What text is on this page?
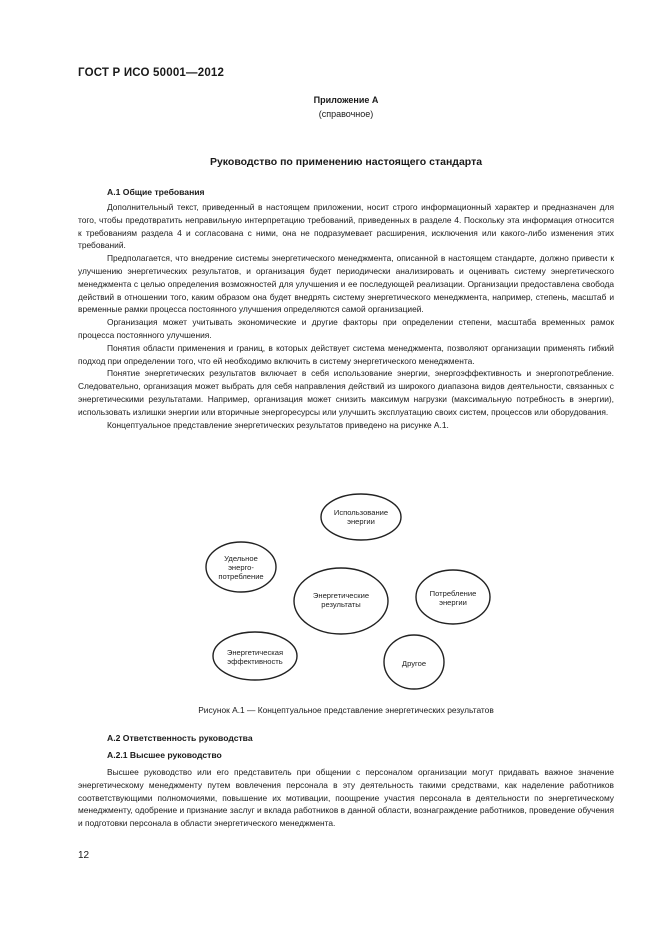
ГОСТ Р ИСО 50001—2012
Приложение А
(справочное)
Руководство по применению настоящего стандарта
А.1 Общие требования

Дополнительный текст, приведенный в настоящем приложении, носит строго информационный характер и предназначен для того, чтобы предотвратить неправильную интерпретацию требований, приведенных в разделе 4. Поскольку эта информация относится к требованиям раздела 4 и согласована с ними, она не подразумевает расширения, исключения или какого-либо изменения этих требований.

Предполагается, что внедрение системы энергетического менеджмента, описанной в настоящем стандарте, должно привести к улучшению энергетических результатов, и организация будет периодически анализировать и оценивать систему энергетического менеджмента с целью определения возможностей для улучшения и ее последующей реализации. Организации предоставлена свобода действий в отношении того, каким образом она будет внедрять систему энергетического менеджмента, например, степень, масштаб и временные рамки процесса постоянного улучшения определяются самой организацией.

Организация может учитывать экономические и другие факторы при определении степени, масштаба временных рамок процесса постоянного улучшения.

Понятия области применения и границ, в которых действует система менеджмента, позволяют организации применять гибкий подход при определении того, что ей необходимо включить в систему энергетического менеджмента.

Понятие энергетических результатов включает в себя использование энергии, энергоэффективность и энергопотребление. Следовательно, организация может выбрать для себя направления действий из широкого диапазона видов деятельности, связанных с энергетическими результатами. Например, организация может снизить максимум нагрузки (максимальную потребность в энергии), использовать излишки энергии или вторичные энергоресурсы или улучшить эксплуатацию своих систем, процессов или оборудования.

Концептуальное представление энергетических результатов приведено на рисунке А.1.

Энергетические
результаты
Использование
энергии
Потребление
энергии
Другое
Энергетическая
эффективность
Удельное
энерго-
потребление
Рисунок А.1 — Концептуальное представление энергетических результатов
А.2 Ответственность руководства
А.2.1 Высшее руководство

Высшее руководство или его представитель при общении с персоналом организации могут придавать важное значение энергетическому менеджменту путем вовлечения персонала в эту деятельность такими средствами, как наделение работников соответствующими полномочиями, повышение их мотивации, поощрение участия персонала в деятельности по энергетическому менеджменту, одобрение и признание заслуг и вклада работников в данной области, вознаграждение работников, проведение обучения и подготовки персонала в области энергетического менеджмента.

12
